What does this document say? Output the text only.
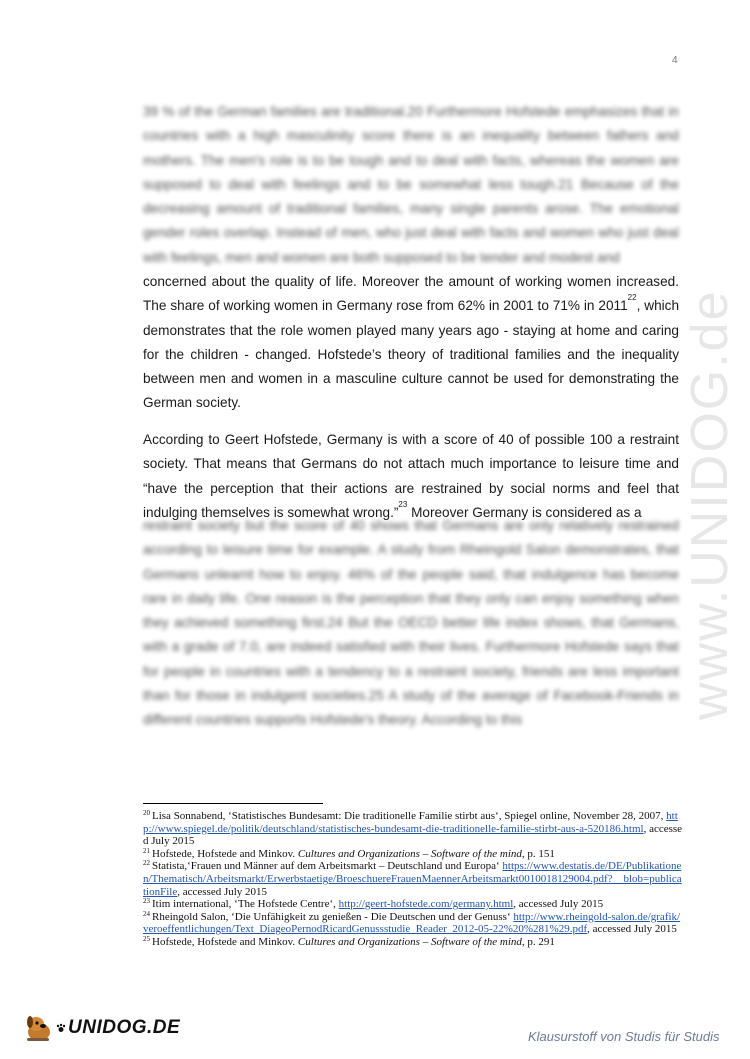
4
www.UNIDOG.de

39 % of the German families are traditional.20 Furthermore Hofstede emphasizes that in countries with a high masculinity score there is an inequality between fathers and mothers. The men's role is to be tough and to deal with facts, whereas the women are supposed to deal with feelings and to be somewhat less tough.21 Because of the decreasing amount of traditional families, many single parents arose. The emotional gender roles overlap. Instead of men, who just deal with facts and women who just deal with feelings, men and women are both supposed to be tender and modest and

concerned about the quality of life. Moreover the amount of working women increased. The share of working women in Germany rose from 62% in 2001 to 71% in 2011$^{22}$, which demonstrates that the role women played many years ago - staying at home and caring for the children - changed. Hofstede’s theory of traditional families and the inequality between men and women in a masculine culture cannot be used for demonstrating the German society.

According to Geert Hofstede, Germany is with a score of 40 of possible 100 a restraint society. That means that Germans do not attach much importance to leisure time and “have the perception that their actions are restrained by social norms and feel that indulging themselves is somewhat wrong.”$^{23}$ Moreover Germany is considered as a

restraint society but the score of 40 shows that Germans are only relatively restrained according to leisure time for example. A study from Rheingold Salon demonstrates, that Germans unlearnt how to enjoy. 46% of the people said, that indulgence has become rare in daily life. One reason is the perception that they only can enjoy something when they achieved something first.24 But the OECD better life index shows, that Germans, with a grade of 7.0, are indeed satisfied with their lives. Furthermore Hofstede says that for people in countries with a tendency to a restraint society, friends are less important than for those in indulgent societies.25 A study of the average of Facebook-Friends in different countries supports Hofstede's theory. According to this

$^{20}$ Lisa Sonnabend, ‘Statistisches Bundesamt: Die traditionelle Familie stirbt aus‘, Spiegel online, November 28, 2007, http://www.spiegel.de/politik/deutschland/statistisches-bundesamt-die-traditionelle-familie-stirbt-aus-a-520186.html, accessed July 2015

$^{21}$ Hofstede, Hofstede and Minkov. Cultures and Organizations – Software of the mind, p. 151

$^{22}$ Statista,‘Frauen und Männer auf dem Arbeitsmarkt – Deutschland und Europa‘ https://www.destatis.de/DE/Publikationen/Thematisch/Arbeitsmarkt/Erwerbstaetige/BroeschuereFrauenMaennerArbeitsmarkt0010018129004.pdf?__blob=publicationFile, accessed July 2015

$^{23}$ Itim international, ‘The Hofstede Centre‘, http://geert-hofstede.com/germany.html, accessed July 2015

$^{24}$ Rheingold Salon, ‘Die Unfähigkeit zu genießen - Die Deutschen und der Genuss‘ http://www.rheingold-salon.de/grafik/veroeffentlichungen/Text_DiageoPernodRicardGenussstudie_Reader_2012-05-22%20%281%29.pdf, accessed July 2015

$^{25}$ Hofstede, Hofstede and Minkov. Cultures and Organizations – Software of the mind, p. 291

UNIDOG.DE	Klausurstoff von Studis für Studis
